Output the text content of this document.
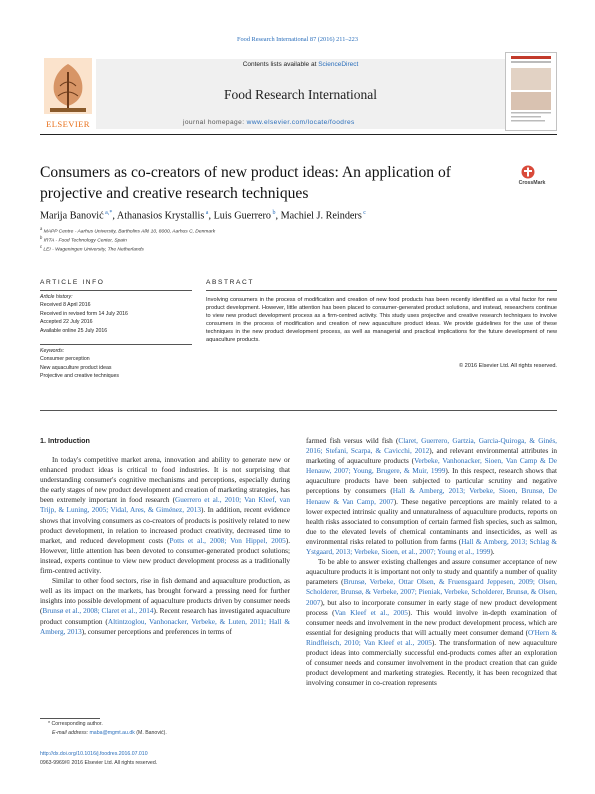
Food Research International 87 (2016) 211–223
ELSEVIER
Contents lists available at ScienceDirect
Food Research International
journal homepage: www.elsevier.com/locate/foodres
Consumers as co-creators of new product ideas: An application of projective and creative research techniques
CrossMark
Marija Banović $^{a,*}$, Athanasios Krystallis $^a$, Luis Guerrero $^b$, Machiel J. Reinders $^c$
$^a$ MAPP Centre - Aarhus University, Bartholins Allé 10, 8000, Aarhus C, Denmark
$^b$ IRTA - Food Technology Center, Spain
$^c$ LEI - Wageningen University, The Netherlands
ARTICLE INFO
Article history:
Received 8 April 2016
Received in revised form 14 July 2016
Accepted 22 July 2016
Available online 25 July 2016
Keywords:
Consumer perception
New aquaculture product ideas
Projective and creative techniques
ABSTRACT
Involving consumers in the process of modification and creation of new food products has been recently identified as a vital factor for new product development. However, little attention has been placed to consumer-generated product solutions, and instead, researchers continue to view new product development process as a firm-centred activity. This study uses projective and creative research techniques to involve consumers in the process of modification and creation of new aquaculture product ideas. We provide guidelines for the use of these techniques in the new product development process, as well as managerial and practical implications for the future development of new aquaculture products.
© 2016 Elsevier Ltd. All rights reserved.
1. Introduction

In today's competitive market arena, innovation and ability to generate new or enhanced product ideas is critical to food industries. It is not surprising that understanding consumer's cognitive mechanisms and perceptions, especially during the early stages of new product development and creation of marketing strategies, has been extremely important in food research (Guerrero et al., 2010; Van Kleef, van Trijp, & Luning, 2005; Vidal, Ares, & Giménez, 2013). In addition, recent evidence shows that involving consumers as co-creators of products is positively related to new product development, in relation to increased product creativity, decreased time to market, and reduced development costs (Potts et al., 2008; Von Hippel, 2005). However, little attention has been devoted to consumer-generated product solutions; instead, experts continue to view new product development process as a traditionally firm-centred activity.

Similar to other food sectors, rise in fish demand and aquaculture production, as well as its impact on the markets, has brought forward a pressing need for further insights into possible development of aquaculture products driven by consumer needs (Brunsø et al., 2008; Claret et al., 2014). Recent research has investigated aquaculture product consumption (Altintzoglou, Vanhonacker, Verbeke, & Luten, 2011; Hall & Amberg, 2013), consumer perceptions and preferences in terms of

farmed fish versus wild fish (Claret, Guerrero, Gartzia, Garcia-Quiroga, & Ginés, 2016; Stefani, Scarpa, & Cavicchi, 2012), and relevant environmental attributes in marketing of aquaculture products (Verbeke, Vanhonacker, Sioen, Van Camp & De Henauw, 2007; Young, Brugere, & Muir, 1999). In this respect, research shows that aquaculture products have been subjected to particular scrutiny and negative perceptions by consumers (Hall & Amberg, 2013; Verbeke, Sioen, Brunsø, De Henauw & Van Camp, 2007). These negative perceptions are mainly related to a lower expected intrinsic quality and unnaturalness of aquaculture products, reports on health risks associated to consumption of certain farmed fish species, such as salmon, due to the elevated levels of chemical contaminants and insecticides, as well as environmental risks related to pollution from farms (Hall & Amberg, 2013; Schlag & Ystgaard, 2013; Verbeke, Sioen, et al., 2007; Young et al., 1999).

To be able to answer existing challenges and assure consumer acceptance of new aquaculture products it is important not only to study and quantify a number of quality parameters (Brunsø, Verbeke, Ottar Olsen, & Fruensgaard Jeppesen, 2009; Olsen, Scholderer, Brunsø, & Verbeke, 2007; Pieniak, Verbeke, Scholderer, Brunsø, & Olsen, 2007), but also to incorporate consumer in early stage of new product development process (Van Kleef et al., 2005). This would involve in-depth examination of consumer needs and involvement in the new product development process, which are essential for designing products that will actually meet consumer demand (O'Hern & Rindfleisch, 2010; Van Kleef et al., 2005). The transformation of new aquaculture product ideas into commercially successful end-products comes after an exploration of consumer needs and consumer involvement in the product creation that can guide product development and marketing strategies. Recently, it has been recognized that involving consumer in co-creation represents

* Corresponding author.
E-mail address: maba@mgmt.au.dk (M. Banović).
http://dx.doi.org/10.1016/j.foodres.2016.07.010
0963-9969/© 2016 Elsevier Ltd. All rights reserved.
